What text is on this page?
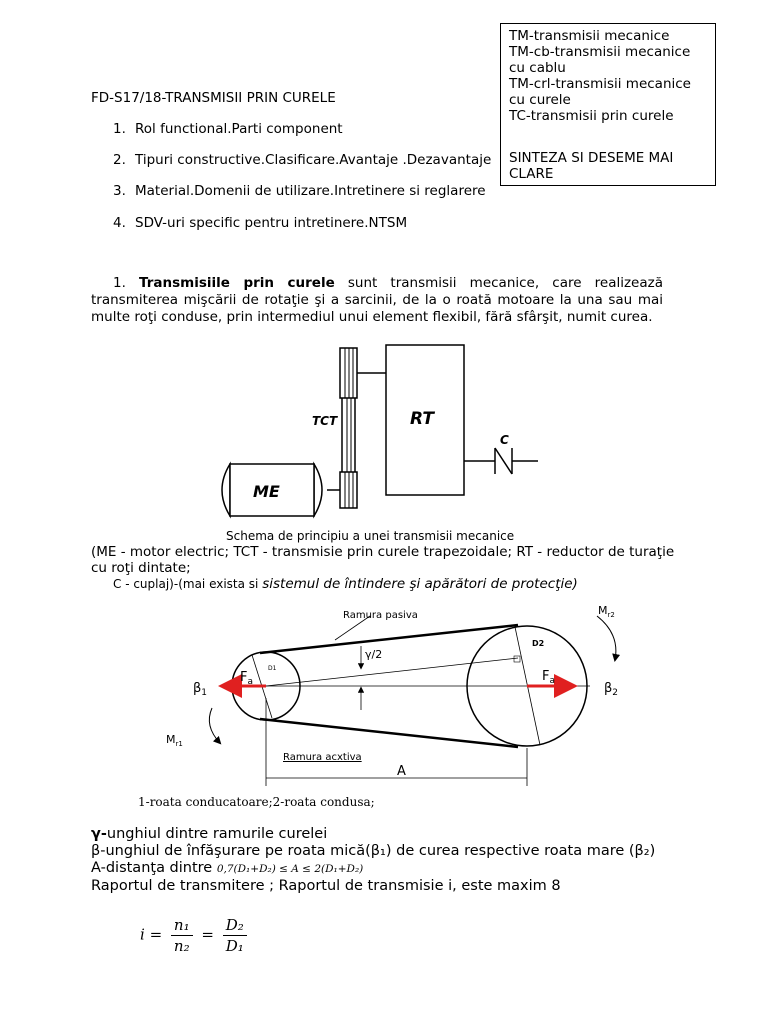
TM-transmisii mecanice
TM-cb-transmisii mecanice
cu cablu
TM-crl-transmisii mecanice
cu curele
TC-transmisii prin curele
SINTEZA SI DESEME MAI
CLARE
FD-S17/18-TRANSMISII PRIN CURELE
1. Rol functional.Parti component
2. Tipuri constructive.Clasificare.Avantaje .Dezavantaje
3. Material.Domenii de utilizare.Intretinere si reglarere
4. SDV-uri specific pentru intretinere.NTSM
1. Transmisiile prin curele sunt transmisii mecanice, care realizează transmiterea mişcării de rotaţie şi a sarcinii, de la o roată motoare la una sau mai multe roţi conduse, prin intermediul unui element flexibil, fără sfârşit, numit curea.
TCT	RT
C
ME
Schema de principiu a unei transmisii mecanice
(ME - motor electric; TCT - transmisie prin curele trapezoidale; RT - reductor de turaţie cu roţi dintate;
C - cuplaj)-(mai exista si sistemul de întindere şi apărători de protecţie)
D1
D2
γ/2
Ramura pasiva
Ramura acxtiva
$F_a$	$F_a$
$\beta_1$	$\beta_2$
$M_{r1}$
$M_{r2}$
A
1-roata conducatoare;2-roata condusa;
γ-unghiul dintre ramurile curelei
β-unghiul de înfăşurare pe roata mică(β₁) de curea respective roata mare (β₂)
A-distanţa dintre 0,7(D₁+D₂) ≤ A ≤ 2(D₁+D₂)
Raportul de transmitere ; Raportul de transmisie i, este maxim 8
$i = \frac{\text{n₁}}{\text{n₂}} = \frac{\text{D₂}}{\text{D₁}}$
